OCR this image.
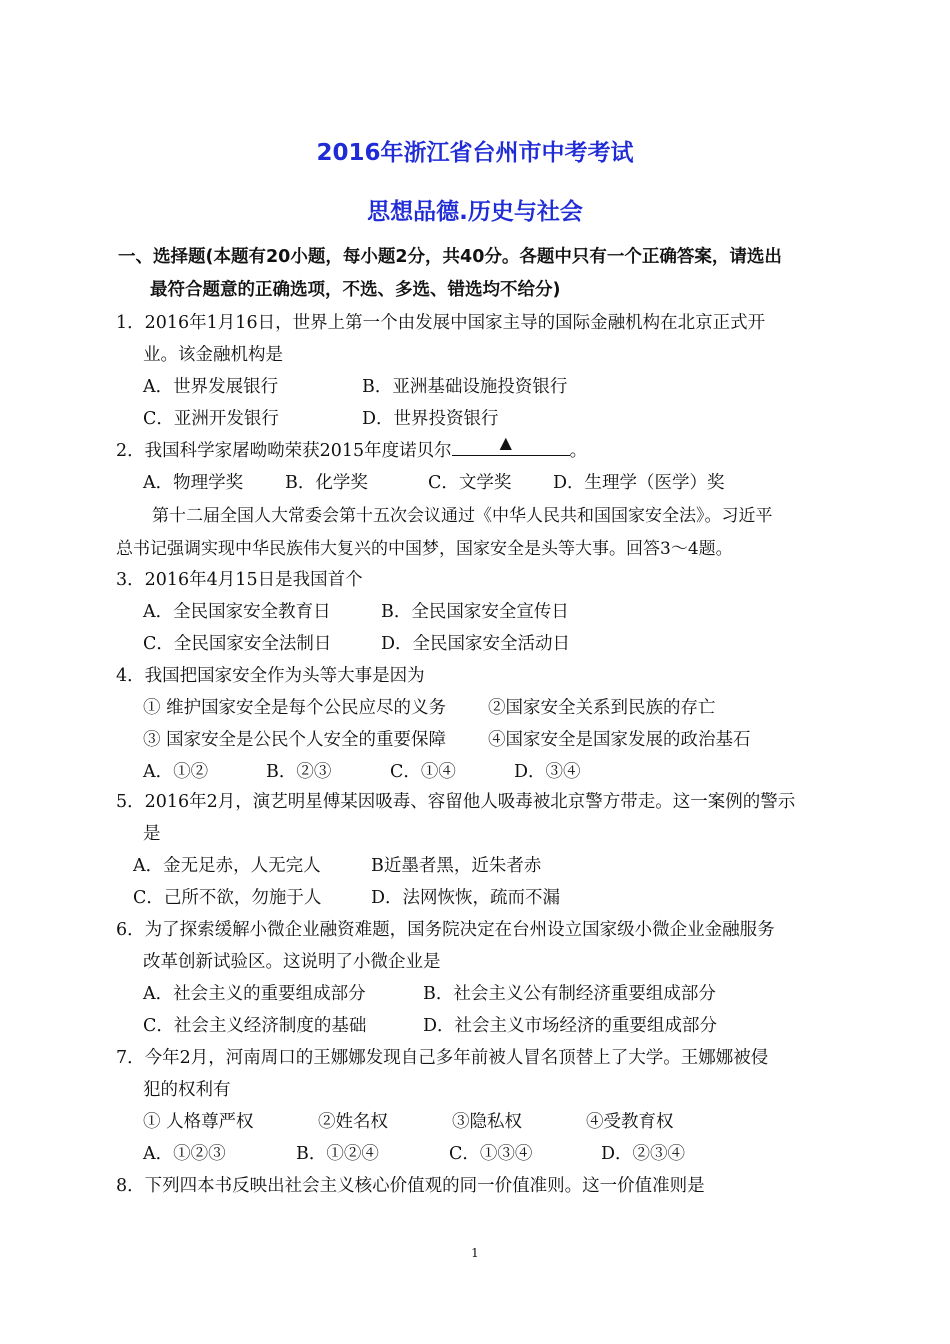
2016年浙江省台州市中考考试
思想品德.历史与社会
一、选择题(本题有20小题，每小题2分，共40分。各题中只有一个正确答案，请选出
最符合题意的正确选项，不选、多选、错选均不给分)
1．2016年1月16日，世界上第一个由发展中国家主导的国际金融机构在北京正式开
业。该金融机构是
A．世界发展银行	B．亚洲基础设施投资银行
C．亚洲开发银行	D．世界投资银行
2．我国科学家屠呦呦荣获2015年度诺贝尔	▲	。
A．物理学奖 B．化学奖	C．文学奖 D．生理学（医学）奖
第十二届全国人大常委会第十五次会议通过《中华人民共和国国家安全法》。习近平
总书记强调实现中华民族伟大复兴的中国梦，国家安全是头等大事。回答3～4题。
3．2016年4月15日是我国首个
A．全民国家安全教育日	B．全民国家安全宣传日
C．全民国家安全法制日	D．全民国家安全活动日
4．我国把国家安全作为头等大事是因为
① 维护国家安全是每个公民应尽的义务 ②国家安全关系到民族的存亡
③ 国家安全是公民个人安全的重要保障 ④国家安全是国家发展的政治基石
A．①②	B．②③	C．①④	D．③④
5．2016年2月，演艺明星傅某因吸毒、容留他人吸毒被北京警方带走。这一案例的警示
是
A．金无足赤，人无完人	B近墨者黑，近朱者赤
C．己所不欲，勿施于人	D．法网恢恢，疏而不漏
6．为了探索缓解小微企业融资难题，国务院决定在台州设立国家级小微企业金融服务
改革创新试验区。这说明了小微企业是
A．社会主义的重要组成部分	B．社会主义公有制经济重要组成部分
C．社会主义经济制度的基础	D．社会主义市场经济的重要组成部分
7．今年2月，河南周口的王娜娜发现自己多年前被人冒名顶替上了大学。王娜娜被侵
犯的权利有
① 人格尊严权	②姓名权	③隐私权	④受教育权
A．①②③	B．①②④	C．①③④	D．②③④
8．下列四本书反映出社会主义核心价值观的同一价值准则。这一价值准则是
1
